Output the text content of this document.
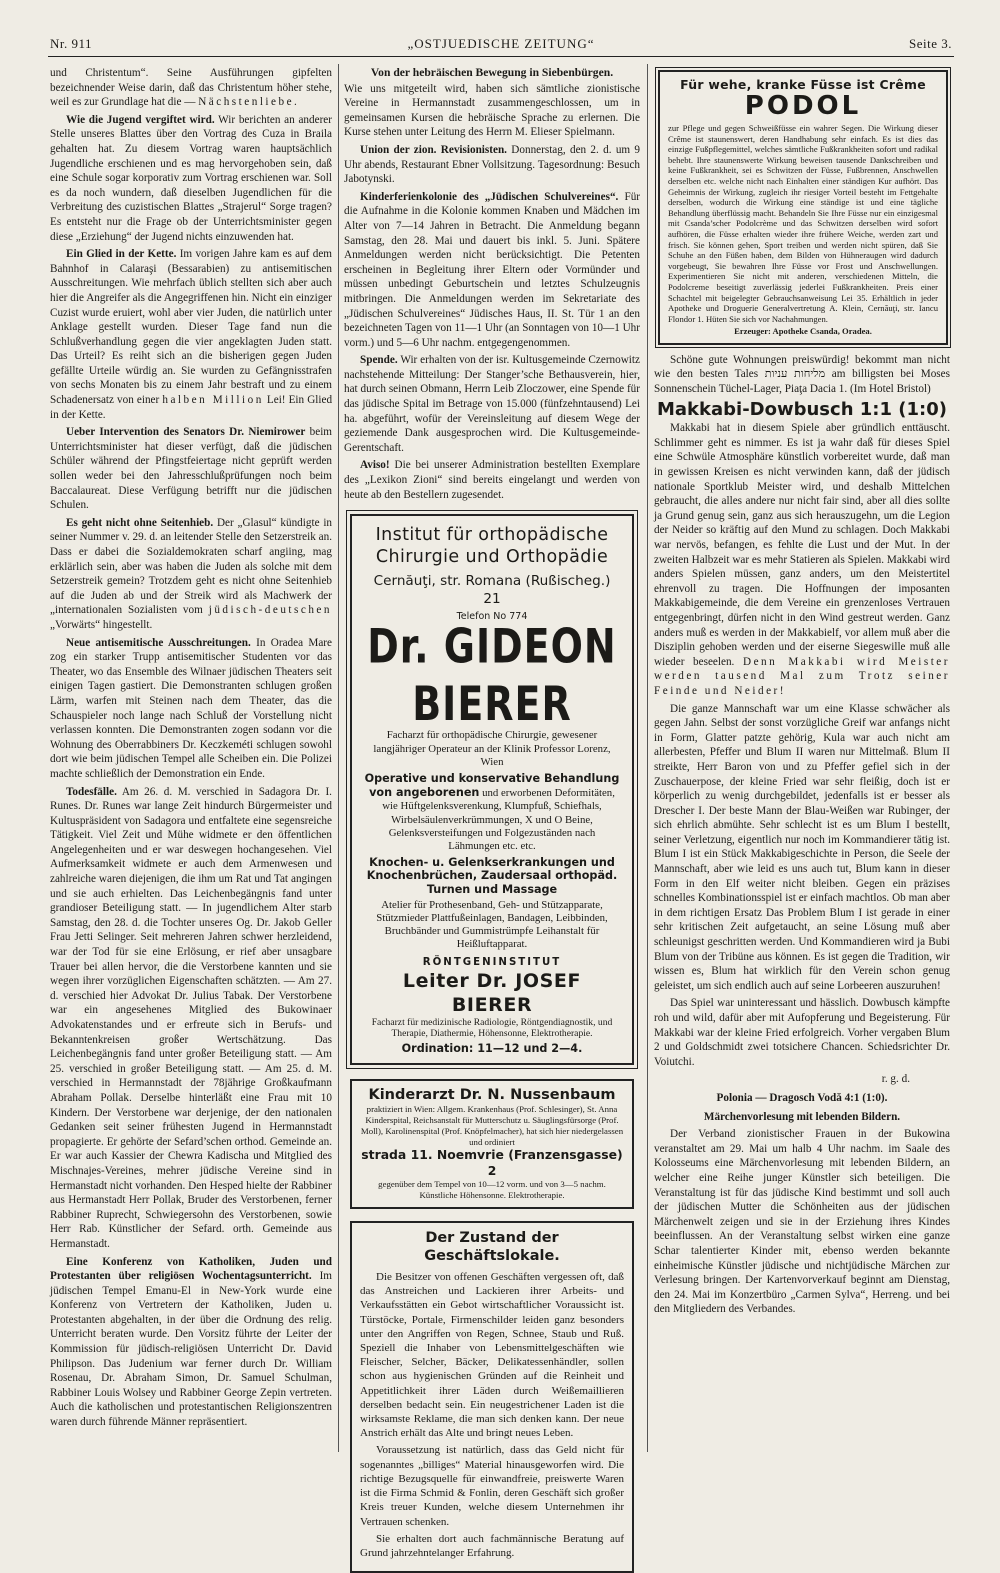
Nr. 911	„OSTJUEDISCHE ZEITUNG“	Seite 3.

und Christentum“. Seine Ausführungen gipfelten bezeichnender Weise darin, daß das Christentum höher stehe, weil es zur Grundlage hat die — Nächstenliebe.

Wie die Jugend vergiftet wird. Wir berichten an anderer Stelle unseres Blattes über den Vortrag des Cuza in Braila gehalten hat. Zu diesem Vortrag waren hauptsächlich Jugendliche erschienen und es mag hervorgehoben sein, daß eine Schule sogar korporativ zum Vortrag erschienen war. Soll es da noch wundern, daß dieselben Jugendlichen für die Verbreitung des cuzistischen Blattes „Strajerul“ Sorge tragen? Es entsteht nur die Frage ob der Unterrichtsminister gegen diese „Erziehung“ der Jugend nichts einzuwenden hat.

Ein Glied in der Kette. Im vorigen Jahre kam es auf dem Bahnhof in Calaraşi (Bessarabien) zu antisemitischen Ausschreitungen. Wie mehrfach üblich stellten sich aber auch hier die Angreifer als die Angegriffenen hin. Nicht ein einziger Cuzist wurde eruiert, wohl aber vier Juden, die natürlich unter Anklage gestellt wurden. Dieser Tage fand nun die Schlußverhandlung gegen die vier angeklagten Juden statt. Das Urteil? Es reiht sich an die bisherigen gegen Juden gefällte Urteile würdig an. Sie wurden zu Gefängnisstrafen von sechs Monaten bis zu einem Jahr bestraft und zu einem Schadenersatz von einer halben Million Lei! Ein Glied in der Kette.

Ueber Intervention des Senators Dr. Niemirower beim Unterrichtsminister hat dieser verfügt, daß die jüdischen Schüler während der Pfingstfeiertage nicht geprüft werden sollen weder bei den Jahresschlußprüfungen noch beim Baccalaureat. Diese Verfügung betrifft nur die jüdischen Schulen.

Es geht nicht ohne Seitenhieb. Der „Glasul“ kündigte in seiner Nummer v. 29. d. an leitender Stelle den Setzerstreik an. Dass er dabei die Sozialdemokraten scharf angiing, mag erklärlich sein, aber was haben die Juden als solche mit dem Setzerstreik gemein? Trotzdem geht es nicht ohne Seitenhieb auf die Juden ab und der Streik wird als Machwerk der „internationalen Sozialisten vom jüdisch-deutschen „Vorwärts“ hingestellt.

Neue antisemitische Ausschreitungen. In Oradea Mare zog ein starker Trupp antisemitischer Studenten vor das Theater, wo das Ensemble des Wilnaer jüdischen Theaters seit einigen Tagen gastiert. Die Demonstranten schlugen großen Lärm, warfen mit Steinen nach dem Theater, das die Schauspieler noch lange nach Schluß der Vorstellung nicht verlassen konnten. Die Demonstranten zogen sodann vor die Wohnung des Oberrabbiners Dr. Keczkeméti schlugen sowohl dort wie beim jüdischen Tempel alle Scheiben ein. Die Polizei machte schließlich der Demonstration ein Ende.

Todesfälle. Am 26. d. M. verschied in Sadagora Dr. I. Runes. Dr. Runes war lange Zeit hindurch Bürgermeister und Kultuspräsident von Sadagora und entfaltete eine segensreiche Tätigkeit. Viel Zeit und Mühe widmete er den öffentlichen Angelegenheiten und er war deswegen hochangesehen. Viel Aufmerksamkeit widmete er auch dem Armenwesen und zahlreiche waren diejenigen, die ihm um Rat und Tat angingen und sie auch erhielten. Das Leichenbegängnis fand unter grandioser Beteiligung statt. — In jugendlichem Alter starb Samstag, den 28. d. die Tochter unseres Og. Dr. Jakob Geller Frau Jetti Selinger. Seit mehreren Jahren schwer herzleidend, war der Tod für sie eine Erlösung, er rief aber unsagbare Trauer bei allen hervor, die die Verstorbene kannten und sie wegen ihrer vorzüglichen Eigenschaften schätzten. — Am 27. d. verschied hier Advokat Dr. Julius Tabak. Der Verstorbene war ein angesehenes Mitglied des Bukowinaer Advokatenstandes und er erfreute sich in Berufs- und Bekanntenkreisen großer Wertschätzung. Das Leichenbegängnis fand unter großer Beteiligung statt. — Am 25. verschied in großer Beteiligung statt. — Am 25. d. M. verschied in Hermannstadt der 78jährige Großkaufmann Abraham Pollak. Derselbe hinterläßt eine Frau mit 10 Kindern. Der Verstorbene war derjenige, der den nationalen Gedanken seit seiner frühesten Jugend in Hermannstadt propagierte. Er gehörte der Sefard’schen orthod. Gemeinde an. Er war auch Kassier der Chewra Kadischa und Mitglied des Mischnajes-Vereines, mehrer jüdische Vereine sind in Hermanstadt nicht vorhanden. Den Hesped hielte der Rabbiner aus Hermanstadt Herr Pollak, Bruder des Verstorbenen, ferner Rabbiner Ruprecht, Schwiegersohn des Verstorbenen, sowie Herr Rab. Künstlicher der Sefard. orth. Gemeinde aus Hermanstadt.

Eine Konferenz von Katholiken, Juden und Protestanten über religiösen Wochentagsunterricht. Im jüdischen Tempel Emanu-El in New-York wurde eine Konferenz von Vertretern der Katholiken, Juden u. Protestanten abgehalten, in der über die Ordnung des relig. Unterricht beraten wurde. Den Vorsitz führte der Leiter der Kommission für jüdisch-religiösen Unterricht Dr. David Philipson. Das Judenium war ferner durch Dr. William Rosenau, Dr. Abraham Simon, Dr. Samuel Schulman, Rabbiner Louis Wolsey und Rabbiner George Zepin vertreten. Auch die katholischen und protestantischen Religionszentren waren durch führende Männer repräsentiert.

Von der hebräischen Bewegung in Siebenbürgen.

Wie uns mitgeteilt wird, haben sich sämtliche zionistische Vereine in Hermannstadt zusammengeschlossen, um in gemeinsamen Kursen die hebräische Sprache zu erlernen. Die Kurse stehen unter Leitung des Herrn M. Elieser Spielmann.

Union der zion. Revisionisten. Donnerstag, den 2. d. um 9 Uhr abends, Restaurant Ebner Vollsitzung. Tagesordnung: Besuch Jabotynski.

Kinderferienkolonie des „Jüdischen Schulvereines“. Für die Aufnahme in die Kolonie kommen Knaben und Mädchen im Alter von 7—14 Jahren in Betracht. Die Anmeldung begann Samstag, den 28. Mai und dauert bis inkl. 5. Juni. Spätere Anmeldungen werden nicht berücksichtigt. Die Petenten erscheinen in Begleitung ihrer Eltern oder Vormünder und müssen unbedingt Geburtschein und letztes Schulzeugnis mitbringen. Die Anmeldungen werden im Sekretariate des „Jüdischen Schulvereines“ Jüdisches Haus, II. St. Tür 1 an den bezeichneten Tagen von 11—1 Uhr (an Sonntagen von 10—1 Uhr vorm.) und 5—6 Uhr nachm. entgegengenommen.

Spende. Wir erhalten von der isr. Kultusgemeinde Czernowitz nachstehende Mitteilung: Der Stanger’sche Bethausverein, hier, hat durch seinen Obmann, Herrn Leib Zloczower, eine Spende für das jüdische Spital im Betrage von 15.000 (fünfzehntausend) Lei ha. abgeführt, wofür der Vereinsleitung auf diesem Wege der geziemende Dank ausgesprochen wird. Die Kultusgemeinde-Gerentschaft.

Aviso! Die bei unserer Administration bestellten Exemplare des „Lexikon Zioni“ sind bereits eingelangt und werden von heute ab den Bestellern zugesendet.

Institut für orthopädische
Chirurgie und Orthopädie
Cernăuţi, str. Romana (Rußischeg.) 21
Telefon No 774
Dr. GIDEON BIERER
Facharzt für orthopädische Chirurgie, gewesener langjähriger Operateur an der Klinik Professor Lorenz, Wien
Operative und konservative Behandlung von angeborenen und erworbenen Deformitäten, wie Hüftgelenksverenkung, Klumpfuß, Schiefhals, Wirbelsäulenverkrümmungen, X und O Beine, Gelenksversteifungen und Folgezuständen nach Lähmungen etc. etc.
Knochen- u. Gelenkserkrankungen und Knochenbrüchen, Zaudersaal orthopäd. Turnen und Massage
Atelier für Prothesenband, Geh- und Stützapparate, Stützmieder Plattfußeinlagen, Bandagen, Leibbinden, Bruchbänder und Gummistrümpfe Leihanstalt für Heißluftapparat.
RÖNTGENINSTITUT
Leiter Dr. JOSEF BIERER
Facharzt für medizinische Radiologie, Röntgendiagnostik, und Therapie, Diathermie, Höhensonne, Elektrotherapie.
Ordination: 11—12 und 2—4.
Kinderarzt Dr. N. Nussenbaum
praktiziert in Wien: Allgem. Krankenhaus (Prof. Schlesinger), St. Anna Kinderspital, Reichsanstalt für Mutterschutz u. Säuglingsfürsorge (Prof. Moll), Karolinenspital (Prof. Knöpfelmacher), hat sich hier niedergelassen und ordiniert
strada 11. Noemvrie (Franzensgasse) 2
gegenüber dem Tempel von 10—12 vorm. und von 3—5 nachm. Künstliche Höhensonne. Elektrotherapie.
Der Zustand der Geschäftslokale.

Die Besitzer von offenen Geschäften vergessen oft, daß das Anstreichen und Lackieren ihrer Arbeits- und Verkaufsstätten ein Gebot wirtschaftlicher Voraussicht ist. Türstöcke, Portale, Firmenschilder leiden ganz besonders unter den Angriffen von Regen, Schnee, Staub und Ruß. Speziell die Inhaber von Lebensmittelgeschäften wie Fleischer, Selcher, Bäcker, Delikatessenhändler, sollen schon aus hygienischen Gründen auf die Reinheit und Appetitlichkeit ihrer Läden durch Weißemaillieren derselben bedacht sein. Ein neugestrichener Laden ist die wirksamste Reklame, die man sich denken kann. Der neue Anstrich erhält das Alte und bringt neues Leben.

Voraussetzung ist natürlich, dass das Geld nicht für sogenanntes „billiges“ Material hinausgeworfen wird. Die richtige Bezugsquelle für einwandfreie, preiswerte Waren ist die Firma Schmid & Fonlin, deren Geschäft sich großer Kreis treuer Kunden, welche diesem Unternehmen ihr Vertrauen schenken.

Sie erhalten dort auch fachmännische Beratung auf Grund jahrzehntelanger Erfahrung.

Für wehe, kranke Füsse ist Crême
PODOL
zur Pflege und gegen Schweißfüsse ein wahrer Segen. Die Wirkung dieser Crême ist staunenswert, deren Handhabung sehr einfach. Es ist dies das einzige Fußpflegemittel, welches sämtliche Fußkrankheiten sofort und radikal behebt. Ihre staunenswerte Wirkung beweisen tausende Dankschreiben und keine Fußkrankheit, sei es Schwitzen der Füsse, Fußbrennen, Anschwellen derselben etc. welche nicht nach Einhalten einer ständigen Kur aufhört. Das Geheimnis der Wirkung, zugleich ihr riesiger Vorteil besteht im Fettgehalte derselben, wodurch die Wirkung eine ständige ist und eine tägliche Behandlung überflüssig macht. Behandeln Sie Ihre Füsse nur ein einzigesmal mit Csanda’scher Podolcrème und das Schwitzen derselben wird sofort aufhören, die Füsse erhalten wieder ihre frühere Weiche, werden zart und frisch. Sie können gehen, Sport treiben und werden nicht spüren, daß Sie Schuhe an den Füßen haben, dem Bilden von Hühneraugen wird dadurch vorgebeugt, Sie bewahren Ihre Füsse vor Frost und Anschwellungen. Experimentieren Sie nicht mit anderen, verschiedenen Mitteln, die Podolcreme beseitigt zuverlässig jederlei Fußkrankheiten. Preis einer Schachtel mit beigelegter Gebrauchsanweisung Lei 35. Erhältlich in jeder Apotheke und Droguerie Generalvertretung A. Klein, Cernăuţi, str. Iancu Flondor 1. Hüten Sie sich vor Nachahmungen.
Erzeuger: Apotheke Csanda, Oradea.

Schöne gute Wohnungen preiswürdig! bekommt man nicht wie den besten Tales מליחות עניות am billigsten bei Moses Sonnenschein Tüchel-Lager, Piaţa Dacia 1. (Im Hotel Bristol)

Makkabi-Dowbusch 1:1 (1:0)

Makkabi hat in diesem Spiele aber gründlich enttäuscht. Schlimmer geht es nimmer. Es ist ja wahr daß für dieses Spiel eine Schwüle Atmosphäre künstlich vorbereitet wurde, daß man in gewissen Kreisen es nicht verwinden kann, daß der jüdisch nationale Sportklub Meister wird, und deshalb Mittelchen gebraucht, die alles andere nur nicht fair sind, aber all dies sollte ja Grund genug sein, ganz aus sich herauszugehn, um die Legion der Neider so kräftig auf den Mund zu schlagen. Doch Makkabi war nervös, befangen, es fehlte die Lust und der Mut. In der zweiten Halbzeit war es mehr Statieren als Spielen. Makkabi wird anders Spielen müssen, ganz anders, um den Meistertitel ehrenvoll zu tragen. Die Hoffnungen der imposanten Makkabigemeinde, die dem Vereine ein grenzenloses Vertrauen entgegenbringt, dürfen nicht in den Wind gestreut werden. Ganz anders muß es werden in der Makkabielf, vor allem muß aber die Disziplin gehoben werden und der eiserne Siegeswille muß alle wieder beseelen. Denn Makkabi wird Meister werden tausend Mal zum Trotz seiner Feinde und Neider!

Die ganze Mannschaft war um eine Klasse schwächer als gegen Jahn. Selbst der sonst vorzügliche Greif war anfangs nicht in Form, Glatter patzte gehörig, Kula war auch nicht am allerbesten, Pfeffer und Blum II waren nur Mittelmaß. Blum II streikte, Herr Baron von und zu Pfeffer gefiel sich in der Zuschauerpose, der kleine Fried war sehr fleißig, doch ist er körperlich zu wenig durchgebildet, jedenfalls ist er besser als Drescher I. Der beste Mann der Blau-Weißen war Rubinger, der sich ehrlich abmühte. Sehr schlecht ist es um Blum I bestellt, seiner Verletzung, eigentlich nur noch im Kommandierer tätig ist. Blum I ist ein Stück Makkabigeschichte in Person, die Seele der Mannschaft, aber wie leid es uns auch tut, Blum kann in dieser Form in den Elf weiter nicht bleiben. Gegen ein präzises schnelles Kombinationsspiel ist er einfach machtlos. Ob man aber in dem richtigen Ersatz Das Problem Blum I ist gerade in einer sehr kritischen Zeit aufgetaucht, an seine Lösung muß aber schleunigst geschritten werden. Und Kommandieren wird ja Bubi Blum von der Tribüne aus können. Es ist gegen die Tradition, wir wissen es, Blum hat wirklich für den Verein schon genug geleistet, um sich endlich auch auf seine Lorbeeren auszuruhen!

Das Spiel war uninteressant und hässlich. Dowbusch kämpfte roh und wild, dafür aber mit Aufopferung und Begeisterung. Für Makkabi war der kleine Fried erfolgreich. Vorher vergaben Blum 2 und Goldschmidt zwei totsichere Chancen. Schiedsrichter Dr. Voiutchi.

r. g. d.
Polonia — Dragosch Vodă 4:1 (1:0).
Märchenvorlesung mit lebenden Bildern.

Der Verband zionistischer Frauen in der Bukowina veranstaltet am 29. Mai um halb 4 Uhr nachm. im Saale des Kolosseums eine Märchenvorlesung mit lebenden Bildern, an welcher eine Reihe junger Künstler sich beteiligen. Die Veranstaltung ist für das jüdische Kind bestimmt und soll auch der jüdischen Mutter die Schönheiten aus der jüdischen Märchenwelt zeigen und sie in der Erziehung ihres Kindes beeinflussen. An der Veranstaltung selbst wirken eine ganze Schar talentierter Kinder mit, ebenso werden bekannte einheimische Künstler jüdische und nichtjüdische Märchen zur Verlesung bringen. Der Kartenvorverkauf beginnt am Dienstag, den 24. Mai im Konzertbüro „Carmen Sylva“, Herreng. und bei den Mitgliedern des Verbandes.
